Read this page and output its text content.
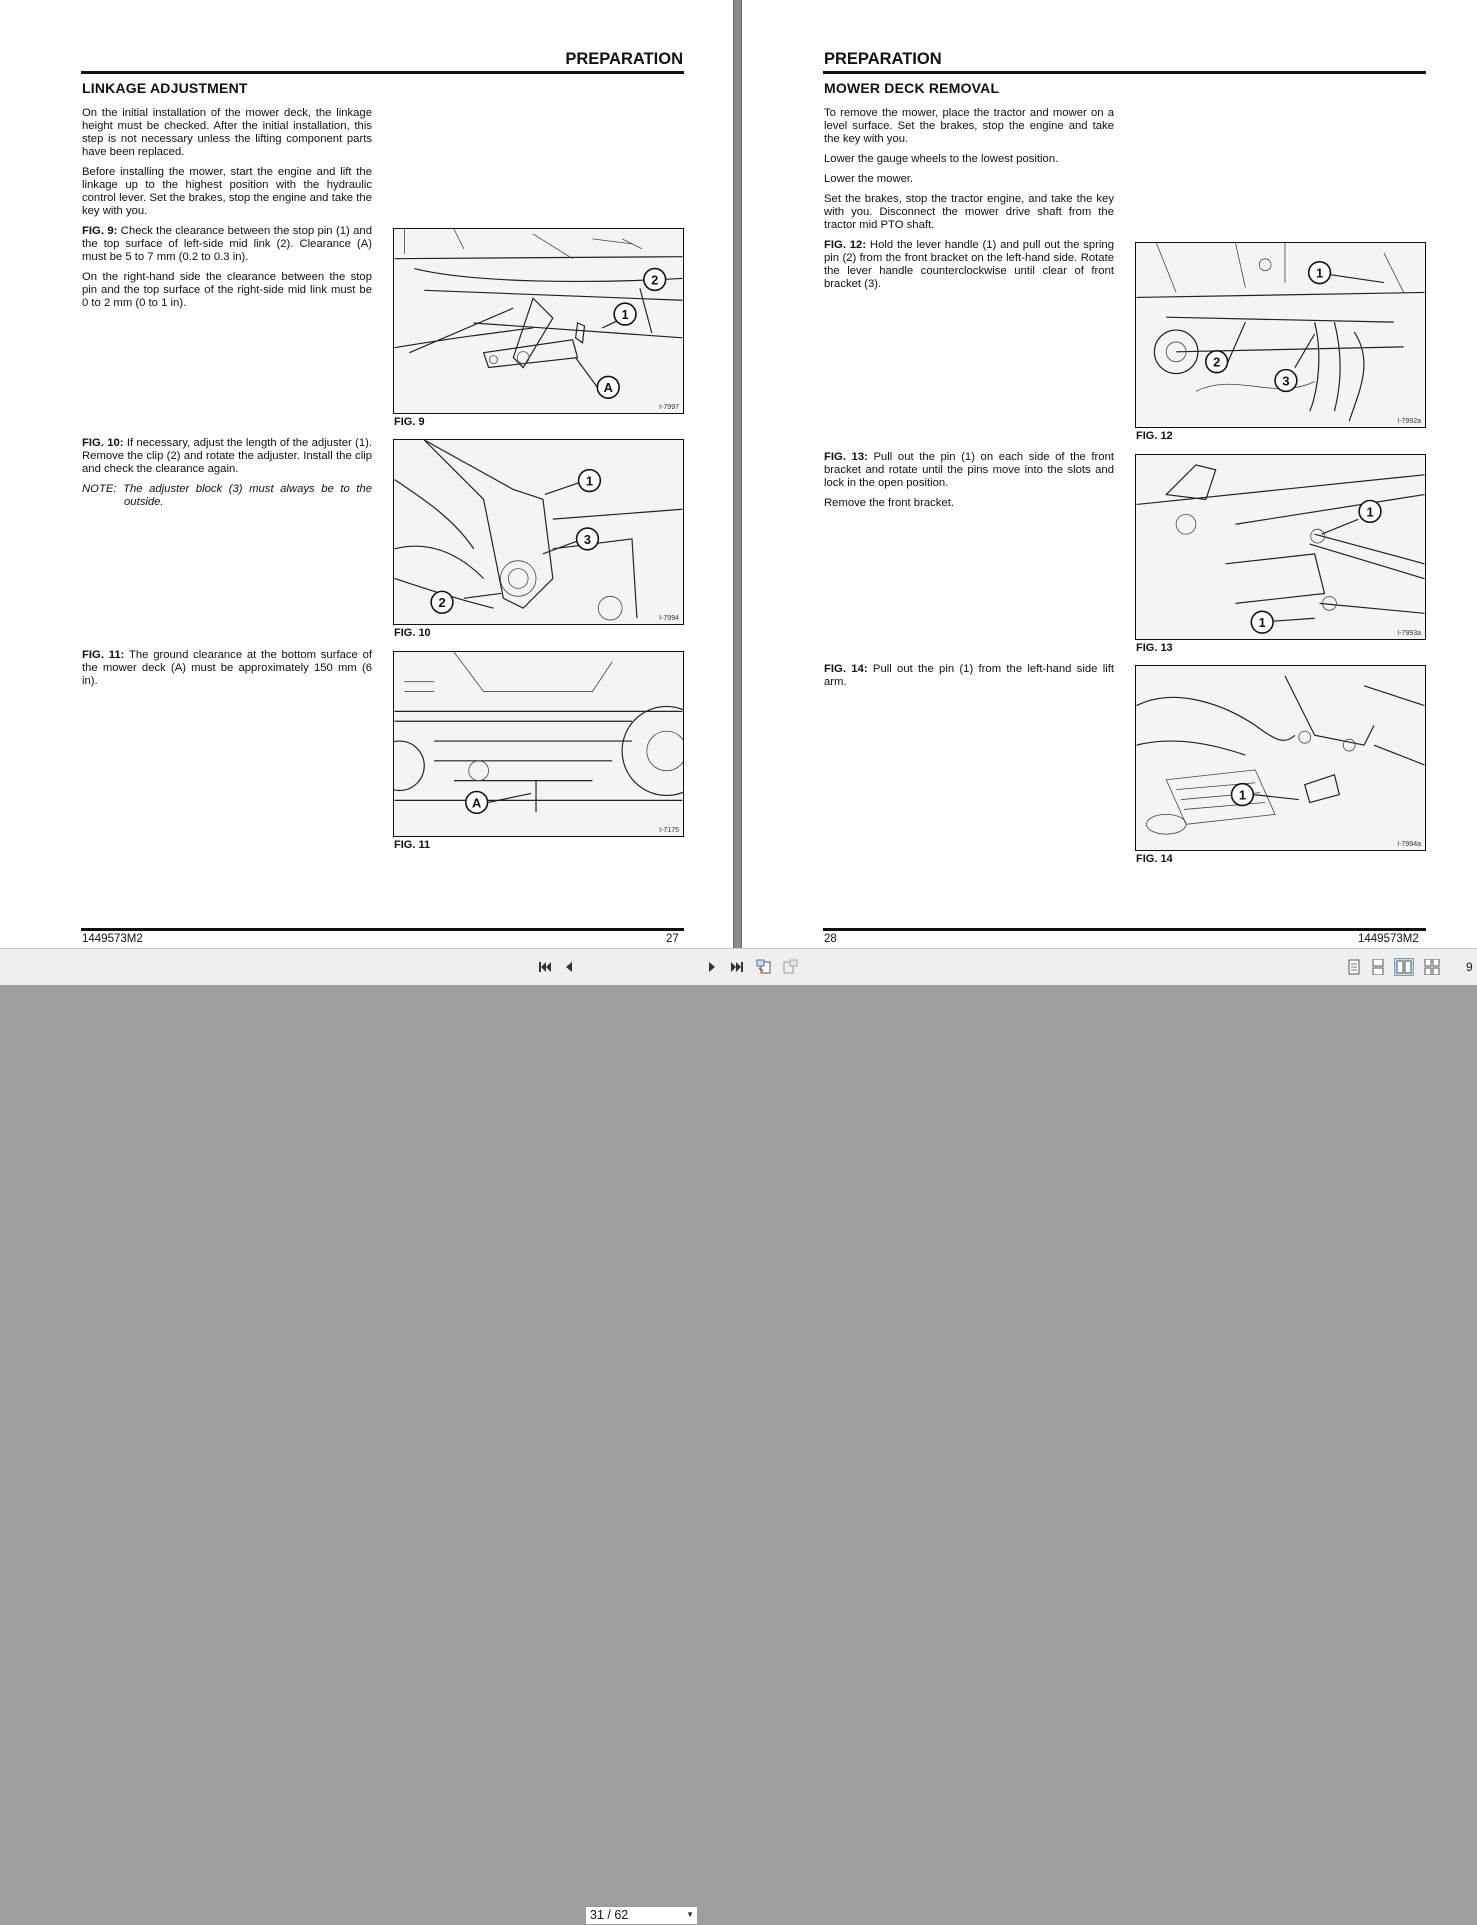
PREPARATION
LINKAGE ADJUSTMENT

On the initial installation of the mower deck, the linkage height must be checked. After the initial installation, this step is not necessary unless the lifting component parts have been replaced.

Before installing the mower, start the engine and lift the linkage up to the highest position with the hydraulic control lever. Set the brakes, stop the engine and take the key with you.

FIG. 9: Check the clearance between the stop pin (1) and the top surface of left-side mid link (2). Clearance (A) must be 5 to 7 mm (0.2 to 0.3 in).

On the right-hand side the clearance between the stop pin and the top surface of the right-side mid link must be 0 to 2 mm (0 to 1 in).

FIG. 10: If necessary, adjust the length of the adjuster (1). Remove the clip (2) and rotate the adjuster. Install the clip and check the clearance again.

NOTE: The adjuster block (3) must always be to the outside.

FIG. 11: The ground clearance at the bottom surface of the mower deck (A) must be approximately 150 mm (6 in).

2
1
A
I-7997
FIG. 9
1
3
2
I-7994
FIG. 10
A
I-7175
FIG. 11
1449573M2	27
PREPARATION
MOWER DECK REMOVAL

To remove the mower, place the tractor and mower on a level surface. Set the brakes, stop the engine and take the key with you.

Lower the gauge wheels to the lowest position.

Lower the mower.

Set the brakes, stop the tractor engine, and take the key with you. Disconnect the mower drive shaft from the tractor mid PTO shaft.

FIG. 12: Hold the lever handle (1) and pull out the spring pin (2) from the front bracket on the left-hand side. Rotate the lever handle counterclockwise until clear of front bracket (3).

FIG. 13: Pull out the pin (1) on each side of the front bracket and rotate until the pins move into the slots and lock in the open position.

Remove the front bracket.

FIG. 14: Pull out the pin (1) from the left-hand side lift arm.

1
2
3
I-7992a
FIG. 12
1
1
I-7993a
FIG. 13
1
I-7994a
FIG. 14
28	1449573M2
31 / 62	▼
9
